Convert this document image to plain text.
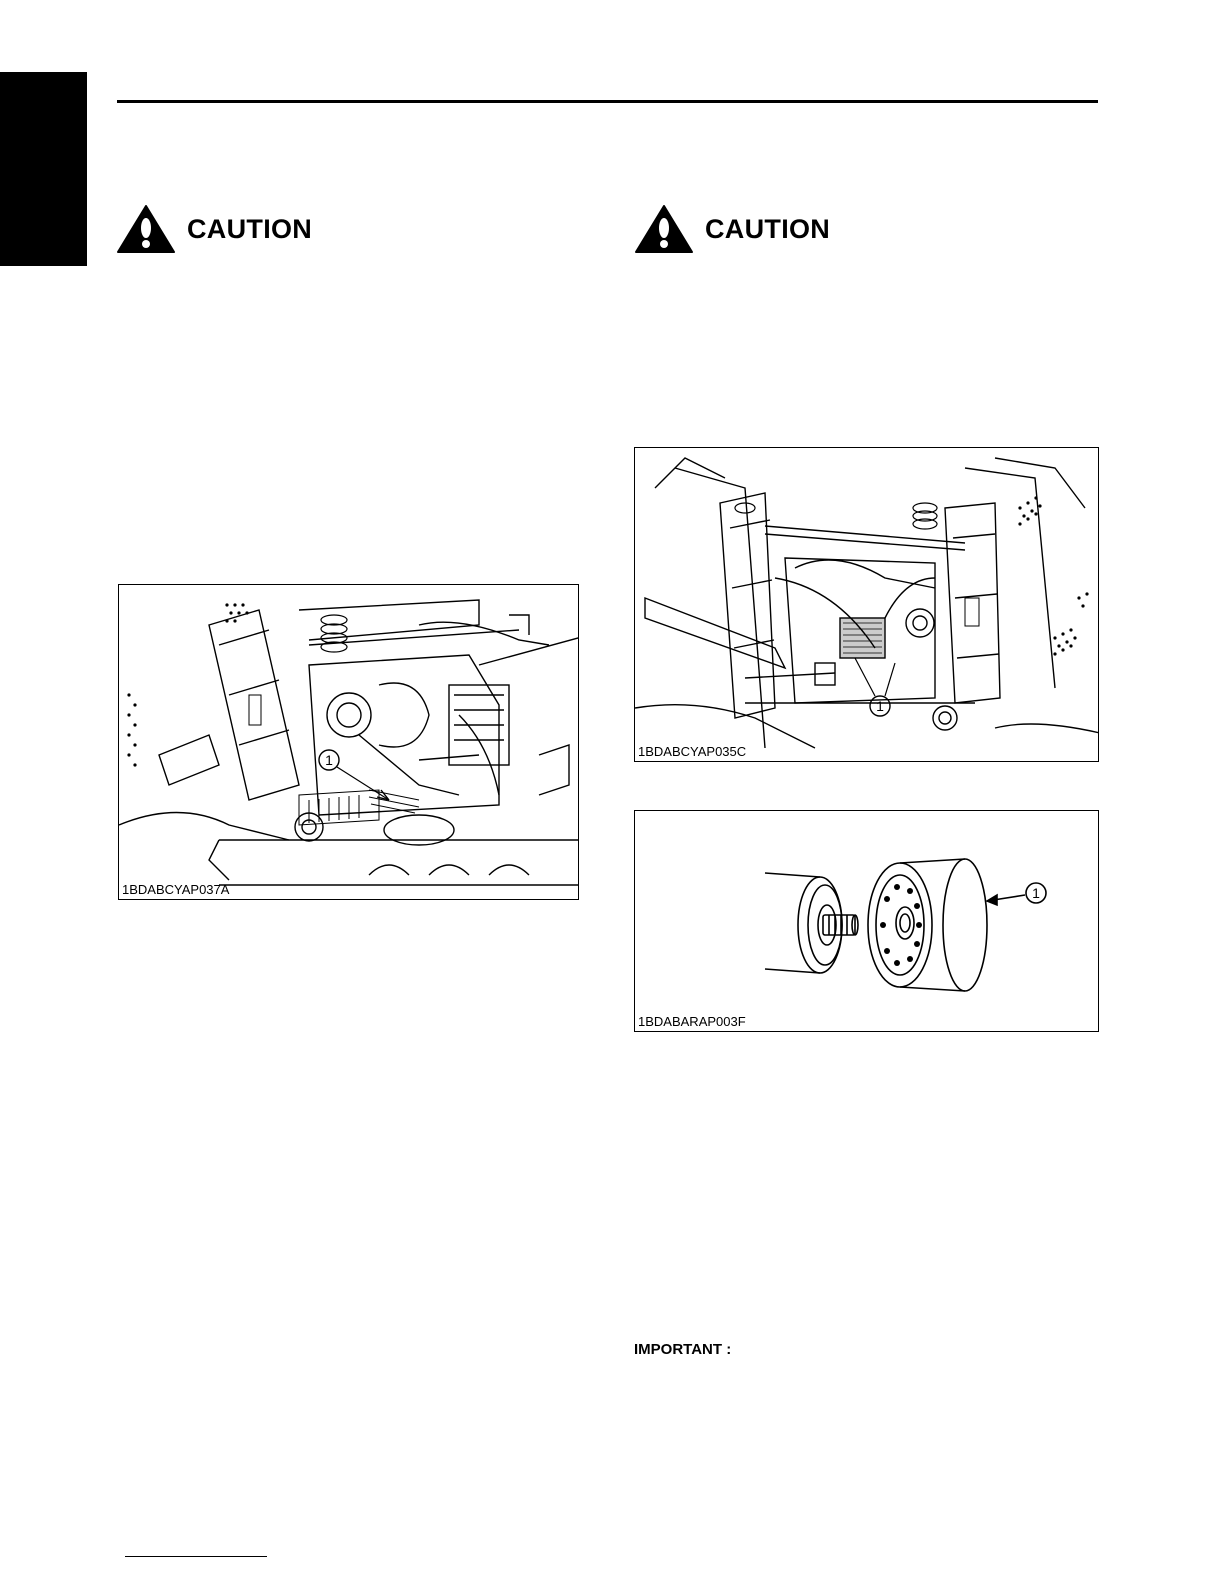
CAUTION	CAUTION
1
1BDABCYAP037A
1
1BDABCYAP035C
1
1BDABARAP003F
IMPORTANT :
